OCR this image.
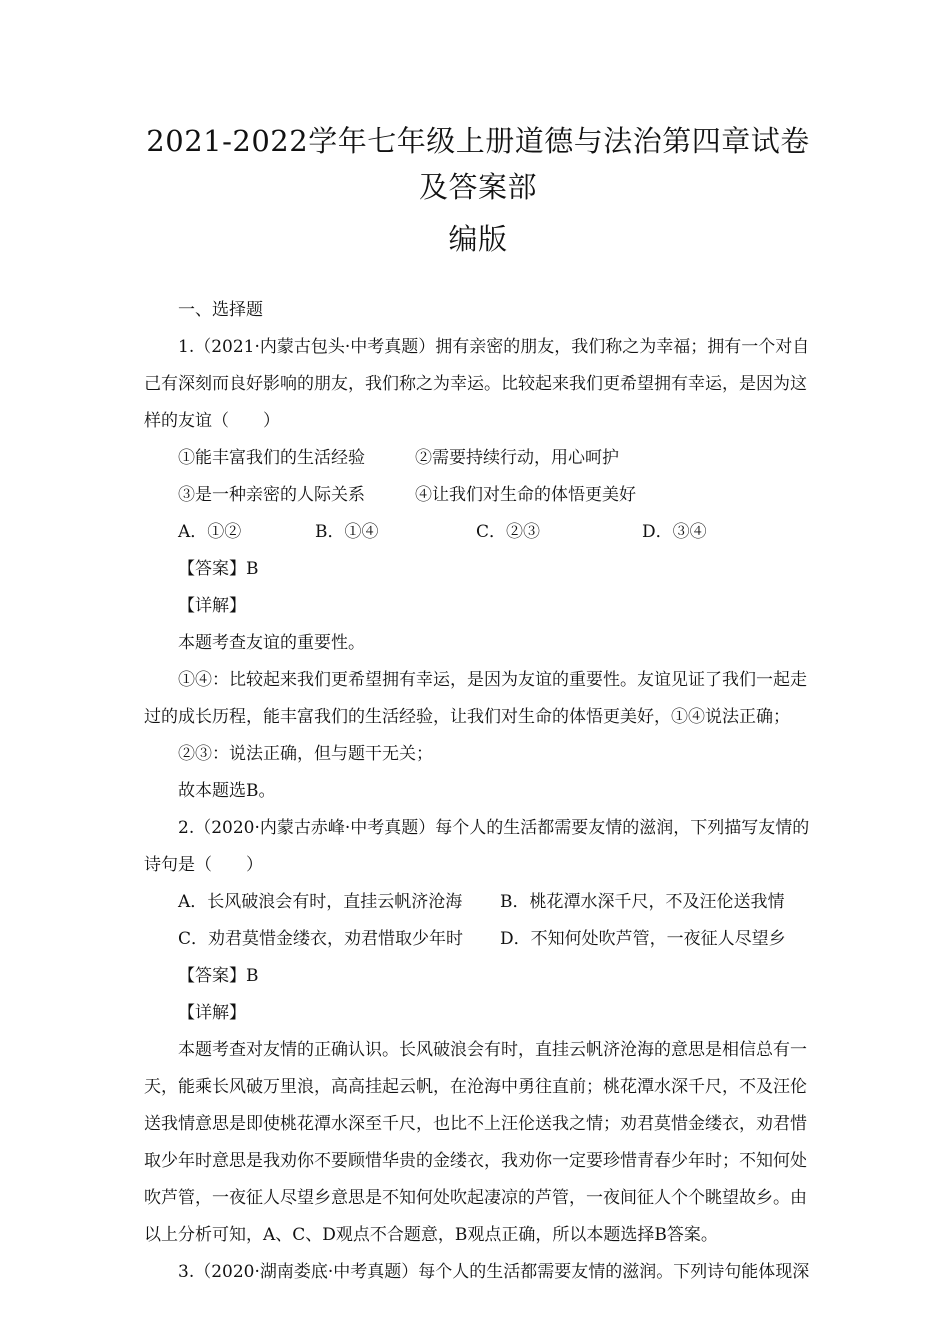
2021-2022学年七年级上册道德与法治第四章试卷及答案部
编版

一、选择题

1.（2021·内蒙古包头·中考真题）拥有亲密的朋友，我们称之为幸福；拥有一个对自己有深刻而良好影响的朋友，我们称之为幸运。比较起来我们更希望拥有幸运，是因为这样的友谊（　　）

①能丰富我们的生活经验	②需要持续行动，用心呵护
③是一种亲密的人际关系	④让我们对生命的体悟更美好
A．①②	B．①④	C．②③	D．③④

【答案】B

【详解】

本题考查友谊的重要性。

①④：比较起来我们更希望拥有幸运，是因为友谊的重要性。友谊见证了我们一起走过的成长历程，能丰富我们的生活经验，让我们对生命的体悟更美好，①④说法正确；

②③：说法正确，但与题干无关；

故本题选B。

2.（2020·内蒙古赤峰·中考真题）每个人的生活都需要友情的滋润，下列描写友情的诗句是（　　）

A．长风破浪会有时，直挂云帆济沧海	B．桃花潭水深千尺，不及汪伦送我情
C．劝君莫惜金缕衣，劝君惜取少年时	D．不知何处吹芦管，一夜征人尽望乡

【答案】B

【详解】

本题考查对友情的正确认识。长风破浪会有时，直挂云帆济沧海的意思是相信总有一天，能乘长风破万里浪，高高挂起云帆，在沧海中勇往直前；桃花潭水深千尺，不及汪伦送我情意思是即使桃花潭水深至千尺，也比不上汪伦送我之情；劝君莫惜金缕衣，劝君惜取少年时意思是我劝你不要顾惜华贵的金缕衣，我劝你一定要珍惜青春少年时；不知何处吹芦管，一夜征人尽望乡意思是不知何处吹起凄凉的芦管，一夜间征人个个眺望故乡。由以上分析可知，A、C、D观点不合题意，B观点正确，所以本题选择B答案。

3.（2020·湖南娄底·中考真题）每个人的生活都需要友情的滋润。下列诗句能体现深
